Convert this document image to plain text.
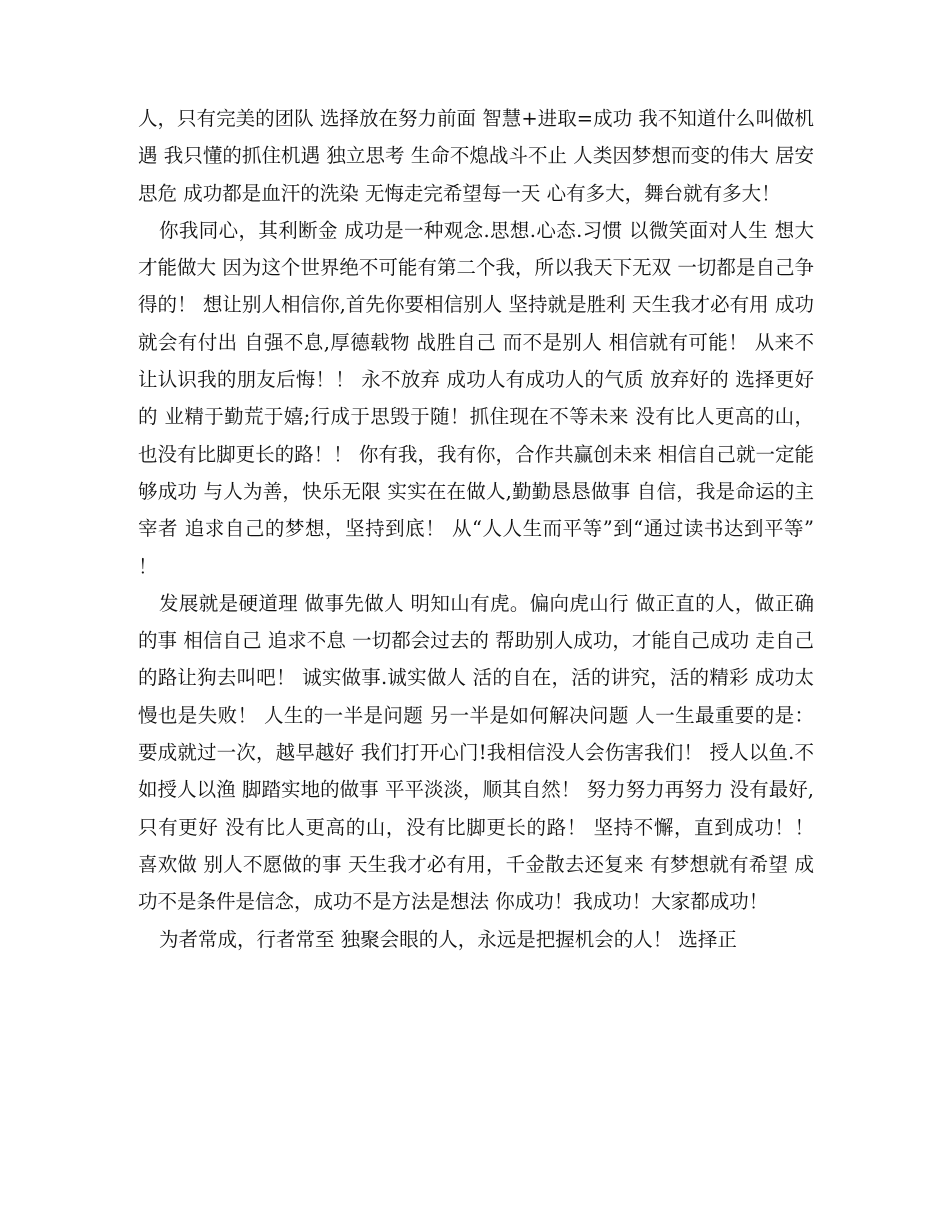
人，只有完美的团队 选择放在努力前面 智慧+进取=成功 我不知道什么叫做机遇 我只懂的抓住机遇 独立思考 生命不熄战斗不止 人类因梦想而变的伟大 居安思危 成功都是血汗的洗染 无悔走完希望每一天 心有多大，舞台就有多大！

你我同心，其利断金 成功是一种观念.思想.心态.习惯 以微笑面对人生 想大才能做大 因为这个世界绝不可能有第二个我，所以我天下无双 一切都是自己争得的！ 想让别人相信你,首先你要相信别人 坚持就是胜利 天生我才必有用 成功就会有付出 自强不息,厚德载物 战胜自己 而不是别人 相信就有可能！ 从来不让认识我的朋友后悔！！ 永不放弃 成功人有成功人的气质 放弃好的 选择更好的 业精于勤荒于嬉;行成于思毁于随！抓住现在不等未来 没有比人更高的山，也没有比脚更长的路！！ 你有我，我有你，合作共赢创未来 相信自己就一定能够成功 与人为善，快乐无限 实实在在做人,勤勤恳恳做事 自信，我是命运的主宰者 追求自己的梦想，坚持到底！ 从“人人生而平等”到“通过读书达到平等”！

发展就是硬道理 做事先做人 明知山有虎。偏向虎山行 做正直的人，做正确的事 相信自己 追求不息 一切都会过去的 帮助别人成功，才能自己成功 走自己的路让狗去叫吧！ 诚实做事.诚实做人 活的自在，活的讲究，活的精彩 成功太慢也是失败！ 人生的一半是问题 另一半是如何解决问题 人一生最重要的是：要成就过一次，越早越好 我们打开心门!我相信没人会伤害我们！ 授人以鱼.不如授人以渔 脚踏实地的做事 平平淡淡，顺其自然！ 努力努力再努力 没有最好,只有更好 没有比人更高的山，没有比脚更长的路！ 坚持不懈，直到成功！！ 喜欢做 别人不愿做的事 天生我才必有用，千金散去还复来 有梦想就有希望 成功不是条件是信念，成功不是方法是想法 你成功！我成功！大家都成功！

为者常成，行者常至 独聚会眼的人，永远是把握机会的人！ 选择正
